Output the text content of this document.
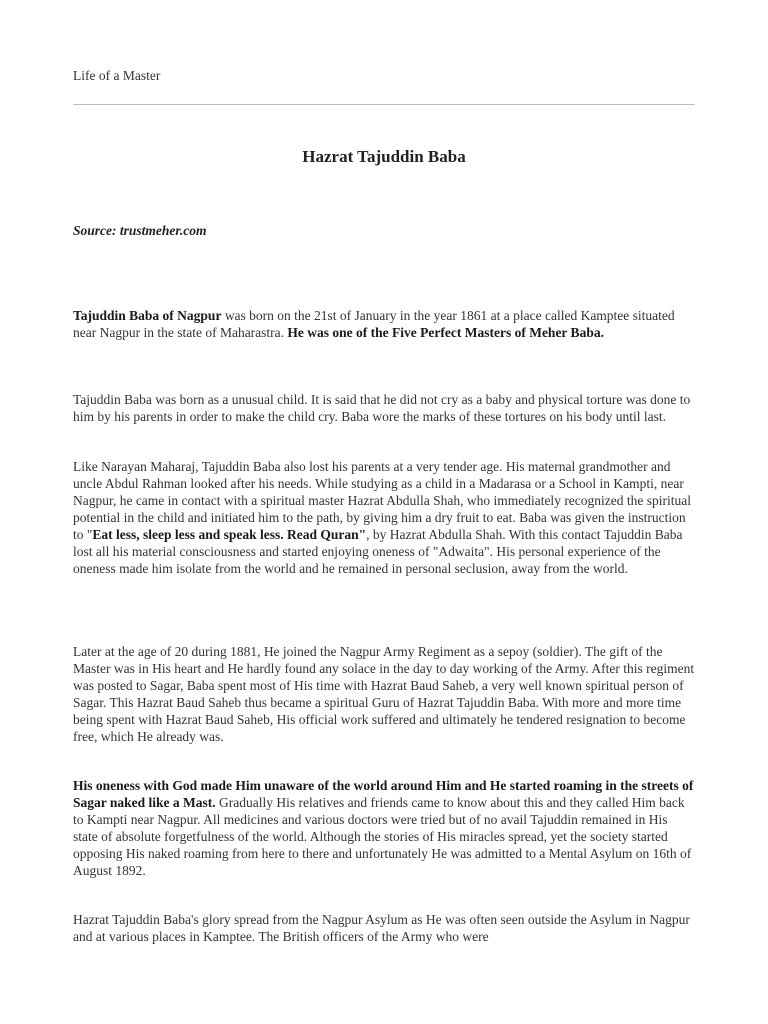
Life of a Master
Hazrat Tajuddin Baba
Source: trustmeher.com

Tajuddin Baba of Nagpur was born on the 21st of January in the year 1861 at a place called Kamptee situated near Nagpur in the state of Maharastra. He was one of the Five Perfect Masters of Meher Baba.

Tajuddin Baba was born as a unusual child. It is said that he did not cry as a baby and physical torture was done to him by his parents in order to make the child cry. Baba wore the marks of these tortures on his body until last.

Like Narayan Maharaj, Tajuddin Baba also lost his parents at a very tender age. His maternal grandmother and uncle Abdul Rahman looked after his needs. While studying as a child in a Madarasa or a School in Kampti, near Nagpur, he came in contact with a spiritual master Hazrat Abdulla Shah, who immediately recognized the spiritual potential in the child and initiated him to the path, by giving him a dry fruit to eat. Baba was given the instruction to "Eat less, sleep less and speak less. Read Quran", by Hazrat Abdulla Shah. With this contact Tajuddin Baba lost all his material consciousness and started enjoying oneness of "Adwaita". His personal experience of the oneness made him isolate from the world and he remained in personal seclusion, away from the world.

Later at the age of 20 during 1881, He joined the Nagpur Army Regiment as a sepoy (soldier). The gift of the Master was in His heart and He hardly found any solace in the day to day working of the Army. After this regiment was posted to Sagar, Baba spent most of His time with Hazrat Baud Saheb, a very well known spiritual person of Sagar. This Hazrat Baud Saheb thus became a spiritual Guru of Hazrat Tajuddin Baba. With more and more time being spent with Hazrat Baud Saheb, His official work suffered and ultimately he tendered resignation to become free, which He already was.

His oneness with God made Him unaware of the world around Him and He started roaming in the streets of Sagar naked like a Mast. Gradually His relatives and friends came to know about this and they called Him back to Kampti near Nagpur. All medicines and various doctors were tried but of no avail Tajuddin remained in His state of absolute forgetfulness of the world. Although the stories of His miracles spread, yet the society started opposing His naked roaming from here to there and unfortunately He was admitted to a Mental Asylum on 16th of August 1892.

Hazrat Tajuddin Baba's glory spread from the Nagpur Asylum as He was often seen outside the Asylum in Nagpur and at various places in Kamptee. The British officers of the Army who were
